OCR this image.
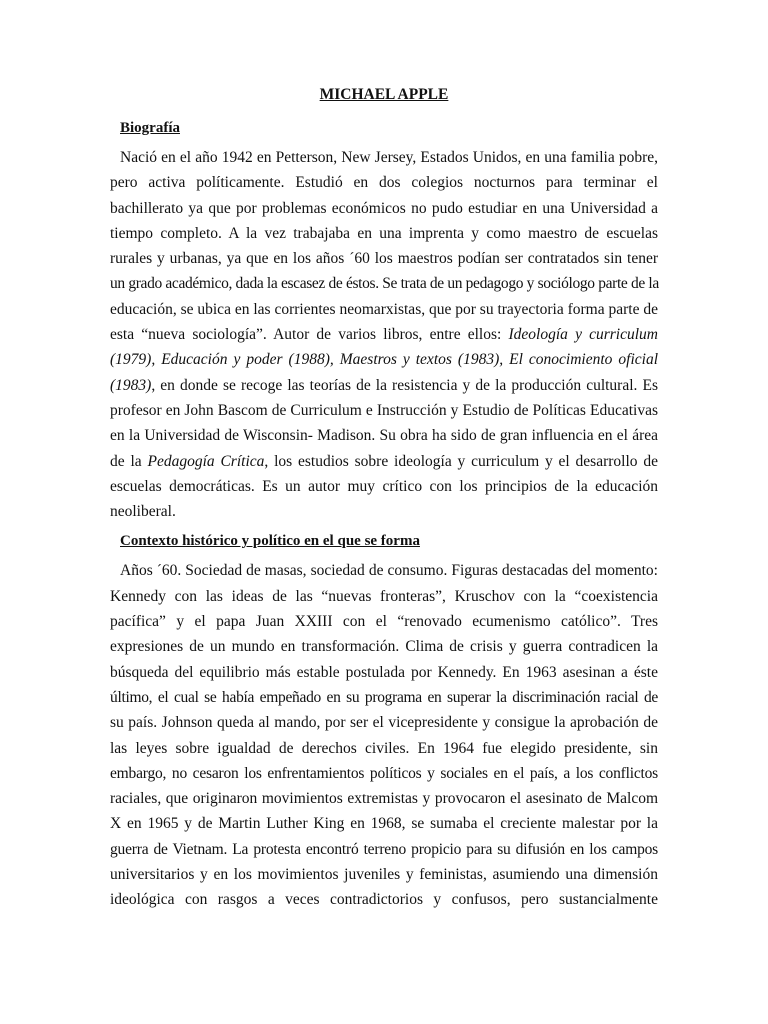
MICHAEL APPLE
Biografía
Nació en el año 1942 en Petterson, New Jersey, Estados Unidos, en una familia pobre,
pero activa políticamente. Estudió en dos colegios nocturnos para terminar el
bachillerato ya que por problemas económicos no pudo estudiar en una Universidad a
tiempo completo. A la vez trabajaba en una imprenta y como maestro de escuelas
rurales y urbanas, ya que en los años ´60 los maestros podían ser contratados sin tener
un grado académico, dada la escasez de éstos. Se trata de un pedagogo y sociólogo parte de la
educación, se ubica en las corrientes neomarxistas, que por su trayectoria forma parte de
esta “nueva sociología”. Autor de varios libros, entre ellos: Ideología y curriculum
(1979), Educación y poder (1988), Maestros y textos (1983), El conocimiento oficial
(1983), en donde se recoge las teorías de la resistencia y de la producción cultural. Es
profesor en John Bascom de Curriculum e Instrucción y Estudio de Políticas Educativas
en la Universidad de Wisconsin- Madison. Su obra ha sido de gran influencia en el área
de la Pedagogía Crítica, los estudios sobre ideología y curriculum y el desarrollo de
escuelas democráticas. Es un autor muy crítico con los principios de la educación
neoliberal.
Contexto histórico y político en el que se forma
Años ´60. Sociedad de masas, sociedad de consumo. Figuras destacadas del momento:
Kennedy con las ideas de las “nuevas fronteras”, Kruschov con la “coexistencia
pacífica” y el papa Juan XXIII con el “renovado ecumenismo católico”. Tres
expresiones de un mundo en transformación. Clima de crisis y guerra contradicen la
búsqueda del equilibrio más estable postulada por Kennedy. En 1963 asesinan a éste
último, el cual se había empeñado en su programa en superar la discriminación racial de
su país. Johnson queda al mando, por ser el vicepresidente y consigue la aprobación de
las leyes sobre igualdad de derechos civiles. En 1964 fue elegido presidente, sin
embargo, no cesaron los enfrentamientos políticos y sociales en el país, a los conflictos
raciales, que originaron movimientos extremistas y provocaron el asesinato de Malcom
X en 1965 y de Martin Luther King en 1968, se sumaba el creciente malestar por la
guerra de Vietnam. La protesta encontró terreno propicio para su difusión en los campos
universitarios y en los movimientos juveniles y feministas, asumiendo una dimensión
ideológica con rasgos a veces contradictorios y confusos, pero sustancialmente
